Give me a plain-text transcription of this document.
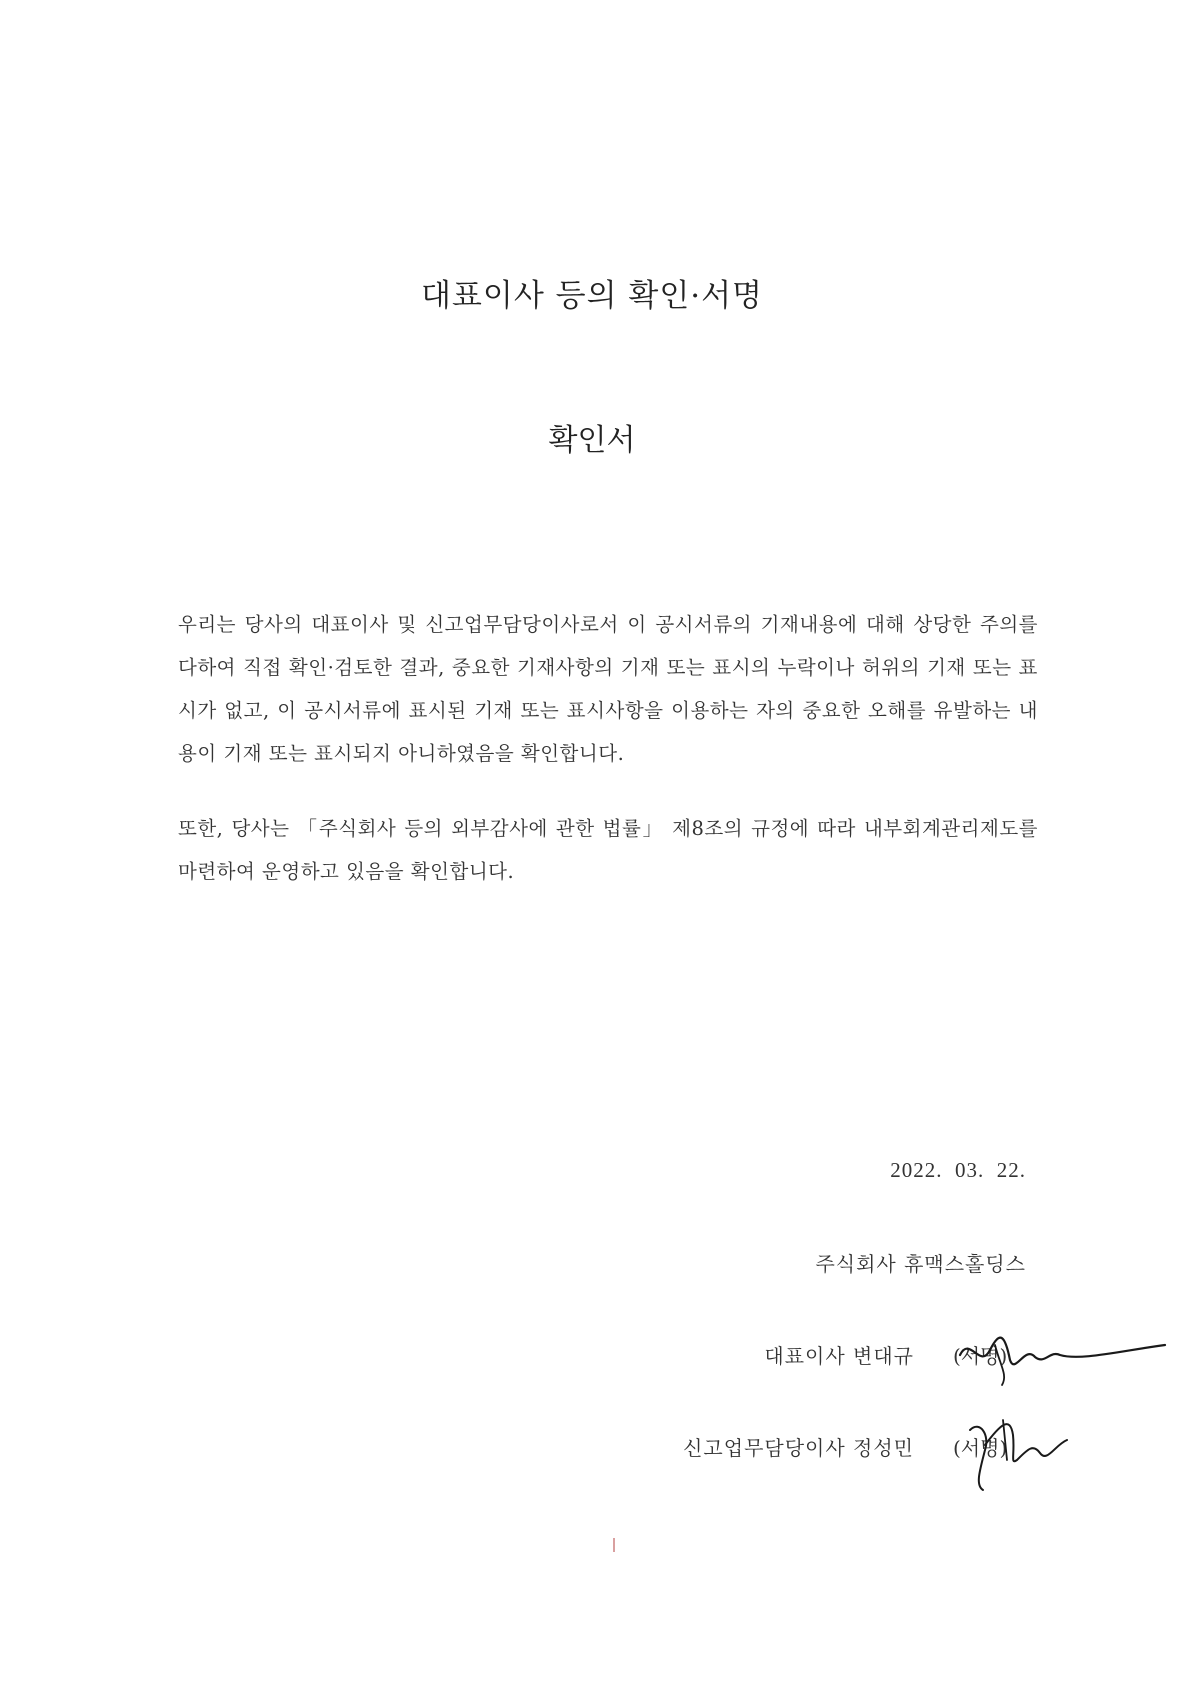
대표이사 등의 확인·서명
확인서
우리는 당사의 대표이사 및 신고업무담당이사로서 이 공시서류의 기재내용에 대해 상당한 주의를 다하여 직접 확인·검토한 결과, 중요한 기재사항의 기재 또는 표시의 누락이나 허위의 기재 또는 표시가 없고, 이 공시서류에 표시된 기재 또는 표시사항을 이용하는 자의 중요한 오해를 유발하는 내용이 기재 또는 표시되지 아니하였음을 확인합니다.
또한, 당사는 「주식회사 등의 외부감사에 관한 법률」 제8조의 규정에 따라 내부회계관리제도를 마련하여 운영하고 있음을 확인합니다.
2022.  03.  22.
주식회사 휴맥스홀딩스
대표이사 변대규 (서명)
신고업무담당이사 정성민 (서명)
